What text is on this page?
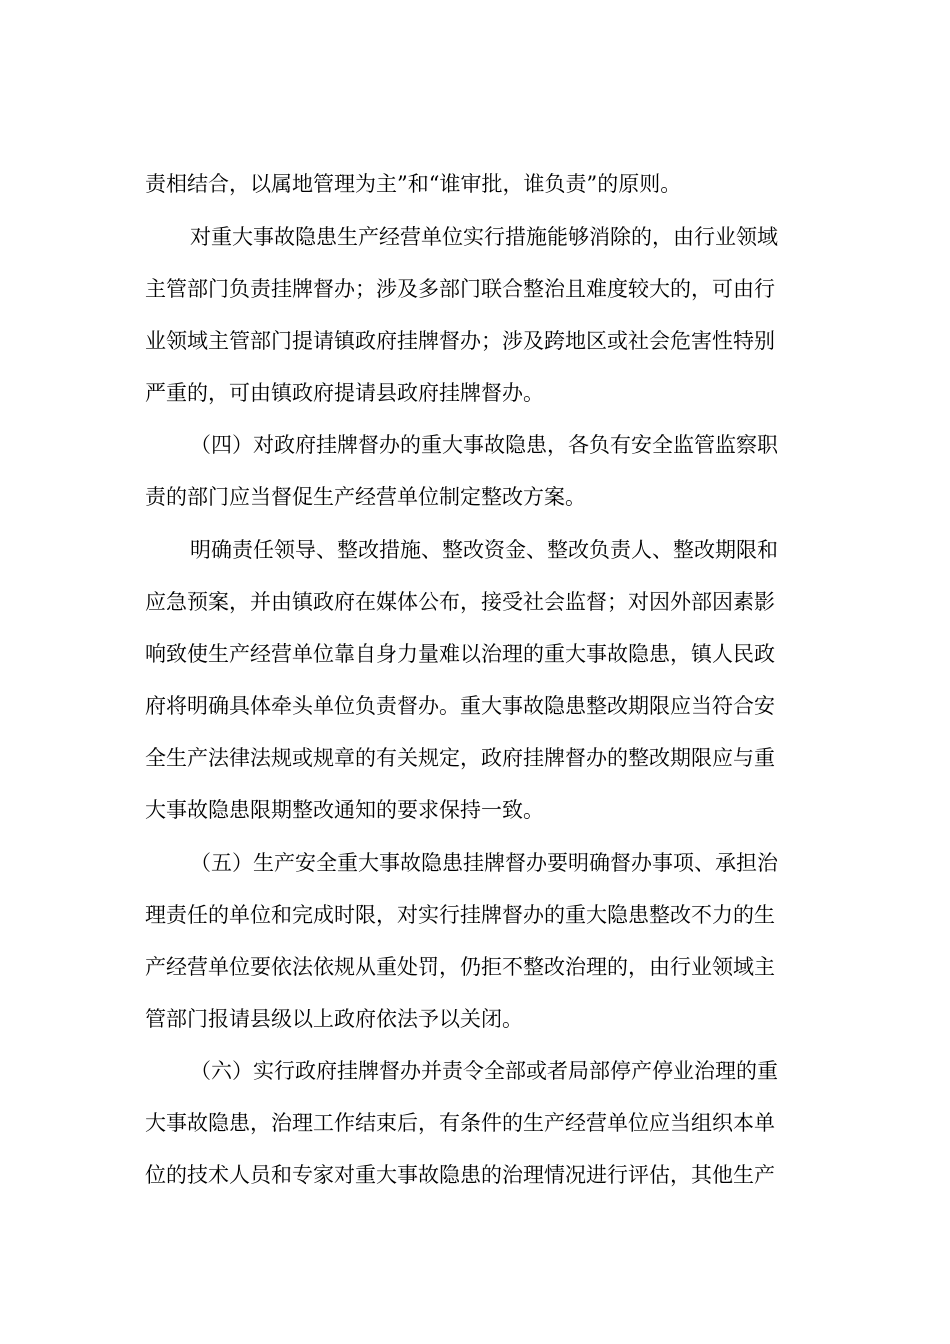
责相结合，以属地管理为主”和“谁审批，谁负责”的原则。
对重大事故隐患生产经营单位实行措施能够消除的，由行业领域
主管部门负责挂牌督办；涉及多部门联合整治且难度较大的，可由行
业领域主管部门提请镇政府挂牌督办；涉及跨地区或社会危害性特别
严重的，可由镇政府提请县政府挂牌督办。
（四）对政府挂牌督办的重大事故隐患，各负有安全监管监察职
责的部门应当督促生产经营单位制定整改方案。
明确责任领导、整改措施、整改资金、整改负责人、整改期限和
应急预案，并由镇政府在媒体公布，接受社会监督；对因外部因素影
响致使生产经营单位靠自身力量难以治理的重大事故隐患，镇人民政
府将明确具体牵头单位负责督办。重大事故隐患整改期限应当符合安
全生产法律法规或规章的有关规定，政府挂牌督办的整改期限应与重
大事故隐患限期整改通知的要求保持一致。
（五）生产安全重大事故隐患挂牌督办要明确督办事项、承担治
理责任的单位和完成时限，对实行挂牌督办的重大隐患整改不力的生
产经营单位要依法依规从重处罚，仍拒不整改治理的，由行业领域主
管部门报请县级以上政府依法予以关闭。
（六）实行政府挂牌督办并责令全部或者局部停产停业治理的重
大事故隐患，治理工作结束后，有条件的生产经营单位应当组织本单
位的技术人员和专家对重大事故隐患的治理情况进行评估，其他生产
